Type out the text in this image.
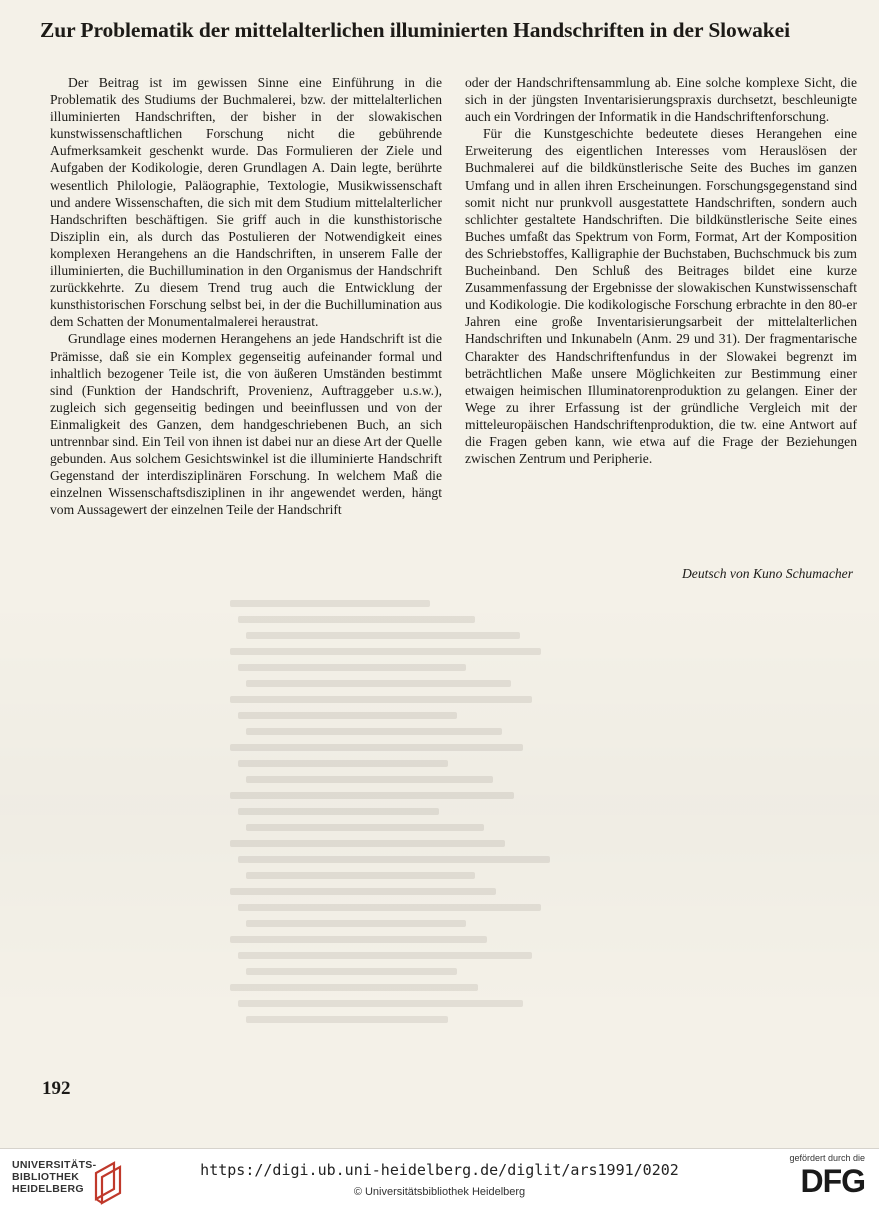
Zur Problematik der mittelalterlichen illuminierten Handschriften in der Slowakei

Der Beitrag ist im gewissen Sinne eine Einführung in die Problematik des Studiums der Buchmalerei, bzw. der mittelalterlichen illuminierten Handschriften, der bisher in der slowakischen kunstwissenschaftlichen Forschung nicht die gebührende Aufmerksamkeit geschenkt wurde. Das Formulieren der Ziele und Aufgaben der Kodikologie, deren Grundlagen A. Dain legte, berührte wesentlich Philologie, Paläographie, Textologie, Musikwissenschaft und andere Wissenschaften, die sich mit dem Studium mittelalterlicher Handschriften beschäftigen. Sie griff auch in die kunsthistorische Disziplin ein, als durch das Postulieren der Notwendigkeit eines komplexen Herangehens an die Handschriften, in unserem Falle der illuminierten, die Buchillumination in den Organismus der Handschrift zurückkehrte. Zu diesem Trend trug auch die Entwicklung der kunsthistorischen Forschung selbst bei, in der die Buchillumination aus dem Schatten der Monumentalmalerei heraustrat.

Grundlage eines modernen Herangehens an jede Handschrift ist die Prämisse, daß sie ein Komplex gegenseitig aufeinander formal und inhaltlich bezogener Teile ist, die von äußeren Umständen bestimmt sind (Funktion der Handschrift, Provenienz, Auftraggeber u.s.w.), zugleich sich gegenseitig bedingen und beeinflussen und von der Einmaligkeit des Ganzen, dem handgeschriebenen Buch, an sich untrennbar sind. Ein Teil von ihnen ist dabei nur an diese Art der Quelle gebunden. Aus solchem Gesichtswinkel ist die illuminierte Handschrift Gegenstand der interdisziplinären Forschung. In welchem Maß die einzelnen Wissenschaftsdisziplinen in ihr angewendet werden, hängt vom Aussagewert der einzelnen Teile der Handschrift

oder der Handschriftensammlung ab. Eine solche komplexe Sicht, die sich in der jüngsten Inventarisierungspraxis durchsetzt, beschleunigte auch ein Vordringen der Informatik in die Handschriftenforschung.

Für die Kunstgeschichte bedeutete dieses Herangehen eine Erweiterung des eigentlichen Interesses vom Herauslösen der Buchmalerei auf die bildkünstlerische Seite des Buches im ganzen Umfang und in allen ihren Erscheinungen. Forschungsgegenstand sind somit nicht nur prunkvoll ausgestattete Handschriften, sondern auch schlichter gestaltete Handschriften. Die bildkünstlerische Seite eines Buches umfaßt das Spektrum von Form, Format, Art der Komposition des Schriebstoffes, Kalligraphie der Buchstaben, Buchschmuck bis zum Bucheinband. Den Schluß des Beitrages bildet eine kurze Zusammenfassung der Ergebnisse der slowakischen Kunstwissenschaft und Kodikologie. Die kodikologische Forschung erbrachte in den 80-er Jahren eine große Inventarisierungsarbeit der mittelalterlichen Handschriften und Inkunabeln (Anm. 29 und 31). Der fragmentarische Charakter des Handschriftenfundus in der Slowakei begrenzt im beträchtlichen Maße unsere Möglichkeiten zur Bestimmung einer etwaigen heimischen Illuminatorenproduktion zu gelangen. Einer der Wege zu ihrer Erfassung ist der gründliche Vergleich mit der mitteleuropäischen Handschriftenproduktion, die tw. eine Antwort auf die Fragen geben kann, wie etwa auf die Frage der Beziehungen zwischen Zentrum und Peripherie.

Deutsch von Kuno Schumacher
192
UNIVERSITÄTS-
BIBLIOTHEK
HEIDELBERG
https://digi.ub.uni-heidelberg.de/diglit/ars1991/0202
© Universitätsbibliothek Heidelberg
gefördert durch die
DFG
